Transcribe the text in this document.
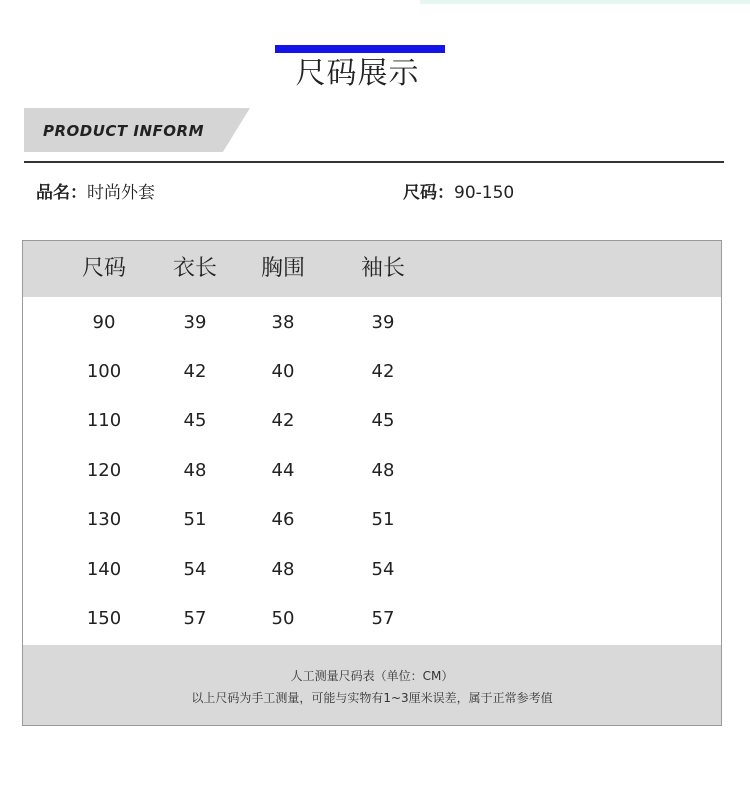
尺码展示
PRODUCT INFORM
品名：时尚外套	尺码：90-150
尺码	衣长	胸围	袖长
90	39	38	39
100	42	40	42
110	45	42	45
120	48	44	48
130	51	46	51
140	54	48	54
150	57	50	57
人工测量尺码表（单位：CM）
以上尺码为手工测量，可能与实物有1~3厘米误差，属于正常参考值
